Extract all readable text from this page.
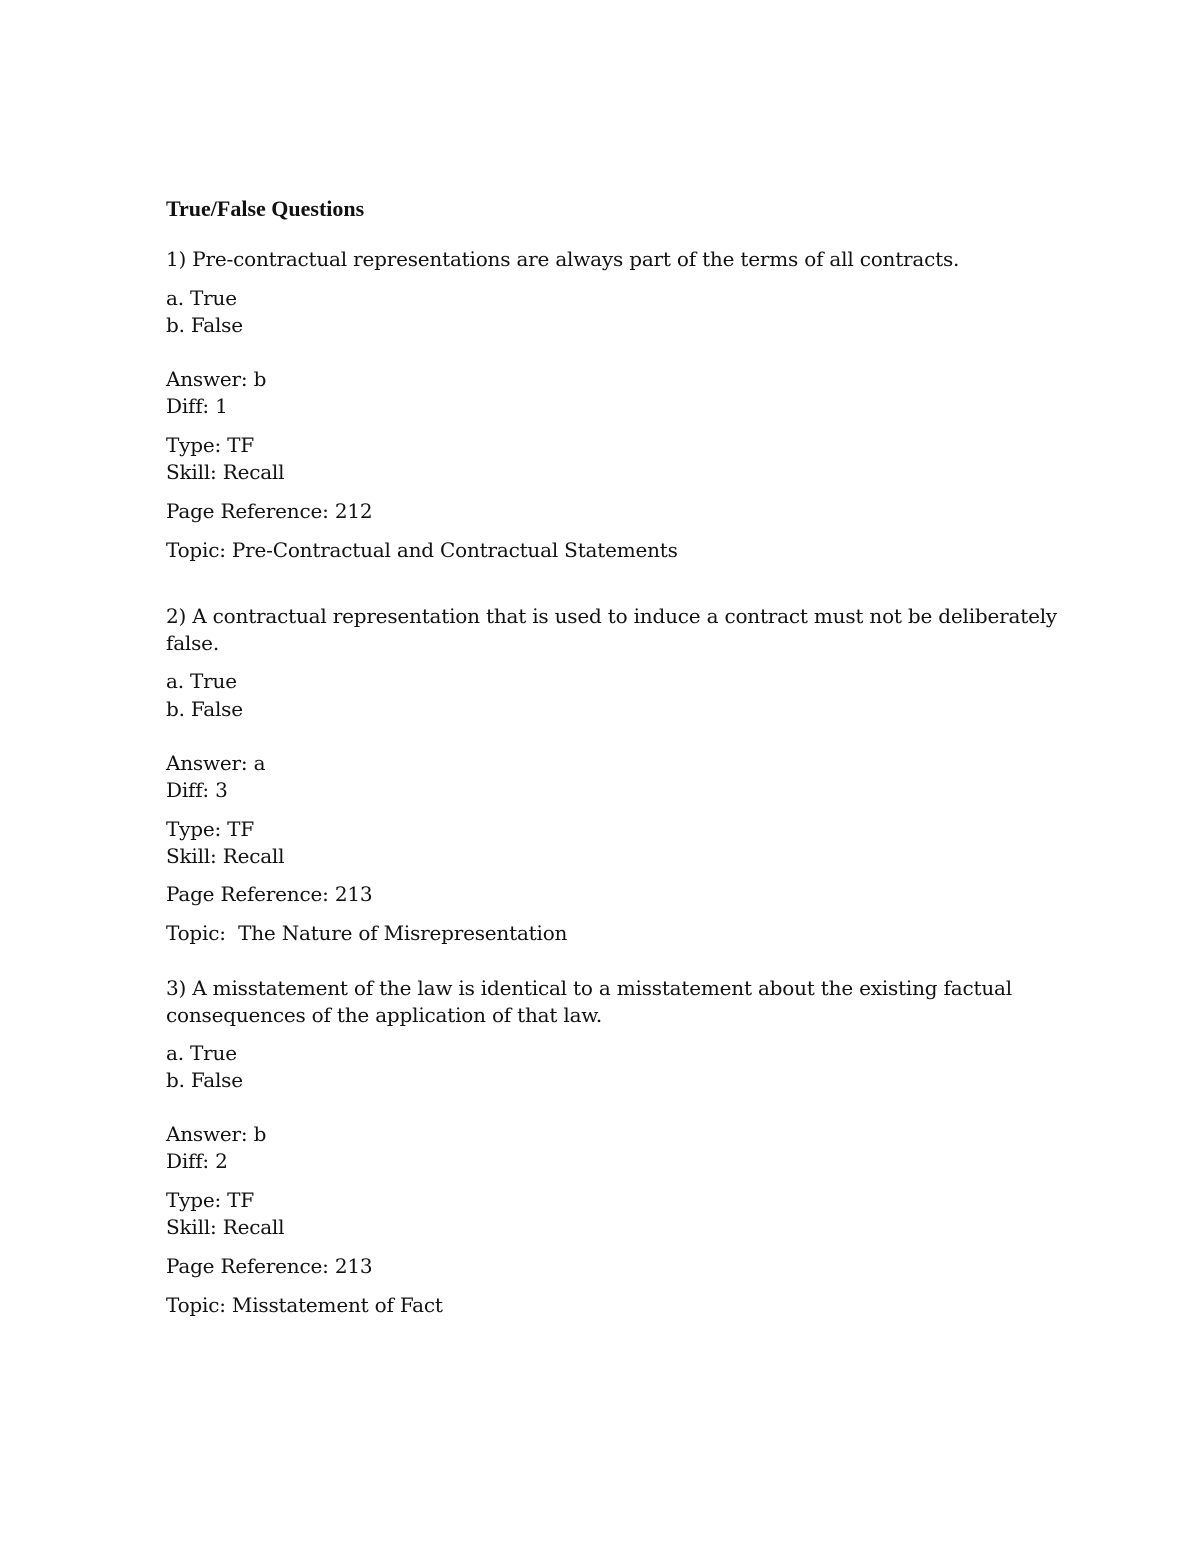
True/False Questions
1) Pre-contractual representations are always part of the terms of all contracts.
a. True
b. False
Answer: b
Diff: 1
Type: TF
Skill: Recall
Page Reference: 212
Topic: Pre-Contractual and Contractual Statements
2) A contractual representation that is used to induce a contract must not be deliberately
false.
a. True
b. False
Answer: a
Diff: 3
Type: TF
Skill: Recall
Page Reference: 213
Topic:  The Nature of Misrepresentation
3) A misstatement of the law is identical to a misstatement about the existing factual
consequences of the application of that law.
a. True
b. False
Answer: b
Diff: 2
Type: TF
Skill: Recall
Page Reference: 213
Topic: Misstatement of Fact
